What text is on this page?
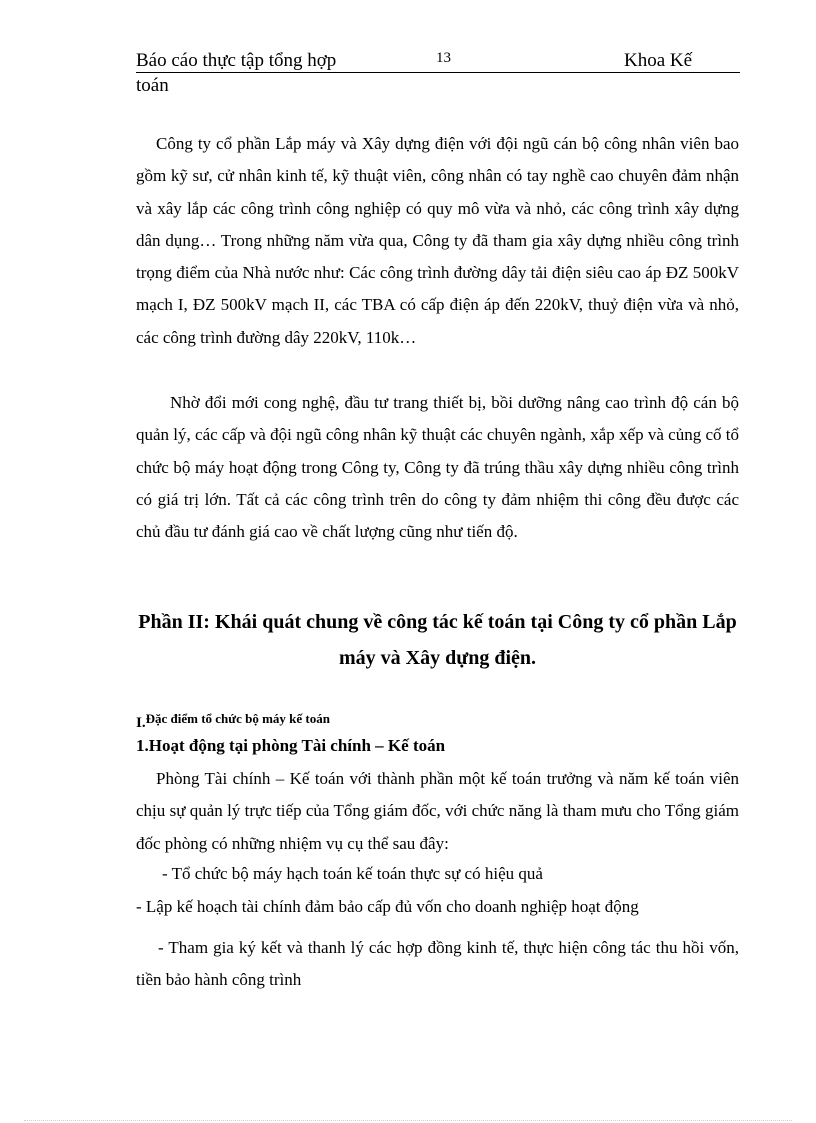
Báo cáo thực tập tổng hợp	13	Khoa Kế
toán

Công ty cổ phần Lắp máy và Xây dựng điện với đội ngũ cán bộ công nhân viên bao gồm kỹ sư, cử nhân kinh tế, kỹ thuật viên, công nhân có tay nghề cao chuyên đảm nhận và xây lắp các công trình công nghiệp có quy mô vừa và nhỏ, các công trình xây dựng dân dụng… Trong những năm vừa qua, Công ty đã tham gia xây dựng nhiều công trình trọng điểm của Nhà nước như: Các công trình đường dây tải điện siêu cao áp ĐZ 500kV mạch I, ĐZ 500kV mạch II, các TBA có cấp điện áp đến 220kV, thuỷ điện vừa và nhỏ, các công trình đường dây 220kV, 110k…

Nhờ đổi mới cong nghệ, đầu tư trang thiết bị, bồi dưỡng nâng cao trình độ cán bộ quản lý, các cấp và đội ngũ công nhân kỹ thuật các chuyên ngành, xắp xếp và củng cố tổ chức bộ máy hoạt động trong Công ty, Công ty đã trúng thầu xây dựng nhiều công trình có giá trị lớn. Tất cả các công trình trên do công ty đảm nhiệm thi công đều được các chủ đầu tư đánh giá cao về chất lượng cũng như tiến độ.

Phần II: Khái quát chung về công tác kế toán tại Công ty cổ phần Lắp máy và Xây dựng điện.
I.Đặc điểm tổ chức bộ máy kế toán
1.Hoạt động tại phòng Tài chính – Kế toán

Phòng Tài chính – Kế toán với thành phần một kế toán trưởng và năm kế toán viên chịu sự quản lý trực tiếp của Tổng giám đốc, với chức năng là tham mưu cho Tổng giám đốc phòng có những nhiệm vụ cụ thể sau đây:

- Tổ chức bộ máy hạch toán kế toán thực sự có hiệu quả

- Lập kế hoạch tài chính đảm bảo cấp đủ vốn cho doanh nghiệp hoạt động

- Tham gia ký kết và thanh lý các hợp đồng kinh tế, thực hiện công tác thu hồi vốn, tiền bảo hành công trình
